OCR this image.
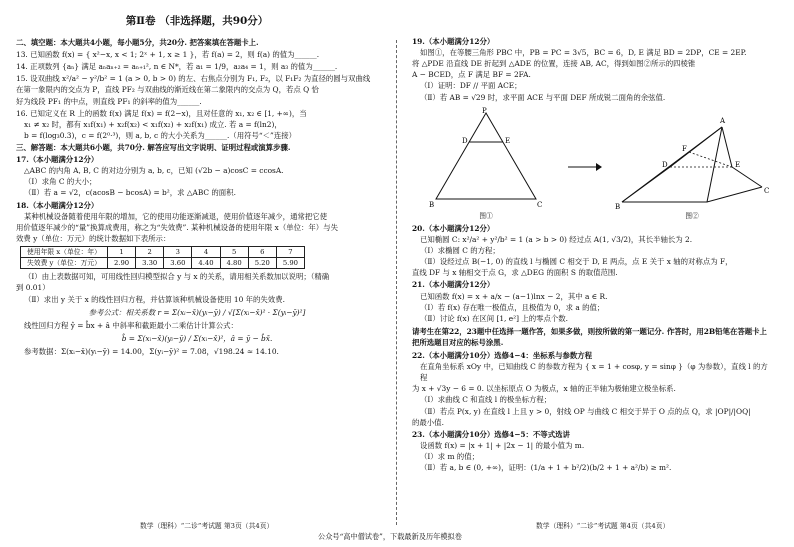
第Ⅱ卷 （非选择题，共90分）
二、填空题：本大题共4小题，每小题5分，共20分. 把答案填在答题卡上.
13. 已知函数 f(x) = { x²−x, x < 1; 2ˣ + 1, x ≥ 1 }，若 f(a) = 2，则 f(a) 的值为______.
14. 正项数列 {aₙ} 满足 aₙaₙ₊₂ = aₙ₊₁², n ∈ N*，若 a₁ = 1/9，a₂a₄ = 1，则 a₃ 的值为______.
15. 设双曲线 x²/a² − y²/b² = 1 (a > 0, b > 0) 的左、右焦点分别为 F₁, F₂，以 F₁F₂ 为直径的圆与双曲线
在第一象限内的交点为 P，直线 PF₂ 与双曲线的渐近线在第二象限内的交点为 Q，若点 Q 恰
好为线段 PF₁ 的中点，则直线 PF₁ 的斜率的值为______.
16. 已知定义在 R 上的函数 f(x) 满足 f(x) = f(2−x)，且对任意的 x₁, x₂ ∈ [1, +∞)，当
x₁ ≠ x₂ 时，都有 x₁f(x₁) + x₂f(x₂) < x₁f(x₂) + x₂f(x₁) 成立. 若 a = f(ln2)，
b = f(log₃0.3)，c = f(2⁰·³)，则 a, b, c 的大小关系为______.（用符号“＜”连接）
三、解答题：本大题共6小题，共70分. 解答应写出文字说明、证明过程或演算步骤.
17.（本小题满分12分）
△ABC 的内角 A, B, C 的对边分别为 a, b, c，已知 (√2b − a)cosC = ccosA.
（Ⅰ）求角 C 的大小；
（Ⅱ）若 a = √2，c(acosB − bcosA) = b²，求 △ABC 的面积.
18.（本小题满分12分）
某种机械设备随着使用年限的增加，它的使用功能逐渐减退，使用价值逐年减少，通常把它使
用价值逐年减少的“量”换算成费用，称之为“失效费”. 某种机械设备的使用年限 x（单位：年）与失
效费 y（单位：万元）的统计数据如下表所示：
使用年限 x（单位：年）	1	2	3	4	5	6	7
失效费 y（单位：万元）	2.90	3.30	3.60	4.40	4.80	5.20	5.90
（Ⅰ）由上表数据可知，可用线性回归模型拟合 y 与 x 的关系，请用相关系数加以说明；（精确
到 0.01）
（Ⅱ）求出 y 关于 x 的线性回归方程，并估算该种机械设备使用 10 年的失效费.
参考公式：相关系数 r = Σ(xᵢ−x̄)(yᵢ−ȳ) / √[Σ(xᵢ−x̄)² · Σ(yᵢ−ȳ)²]
线性回归方程 ŷ = b̂x + â 中斜率和截距最小二乘估计计算公式：
b̂ = Σ(xᵢ−x̄)(yᵢ−ȳ) / Σ(xᵢ−x̄)²，â = ȳ − b̂x̄.
参考数据：Σ(xᵢ−x̄)(yᵢ−ȳ) = 14.00，Σ(yᵢ−ȳ)² = 7.08，√198.24 ≈ 14.10.
19.（本小题满分12分）
如图①，在等腰三角形 PBC 中，PB = PC = 3√5，BC = 6，D, E 满足 BD = 2DP，CE = 2EP.
将 △PDE 沿直线 DE 折起到 △ADE 的位置，连接 AB, AC，得到如图②所示的四棱锥
A − BCED，点 F 满足 BF = 2FA.
（Ⅰ）证明：DF // 平面 ACE；
（Ⅱ）若 AB = √29 时，求平面 ACE 与平面 DEF 所成锐二面角的余弦值.
P
D	E
B	C
图①
A
F
D	E
B
C
图②
20.（本小题满分12分）
已知椭圆 C: x²/a² + y²/b² = 1 (a > b > 0) 经过点 A(1, √3/2)，其长半轴长为 2.
（Ⅰ）求椭圆 C 的方程；
（Ⅱ）设经过点 B(−1, 0) 的直线 l 与椭圆 C 相交于 D, E 两点，点 E 关于 x 轴的对称点为 F，
直线 DF 与 x 轴相交于点 G，求 △DEG 的面积 S 的取值范围.
21.（本小题满分12分）
已知函数 f(x) = x + a/x − (a−1)lnx − 2，其中 a ∈ R.
（Ⅰ）若 f(x) 存在唯一极值点，且极值为 0，求 a 的值；
（Ⅱ）讨论 f(x) 在区间 [1, e²] 上的零点个数.
请考生在第22，23题中任选择一题作答，如果多做，则按所做的第一题记分. 作答时，用2B铅笔在答题卡上把所选题目对应的标号涂黑.
22.（本小题满分10分）选修4−4：坐标系与参数方程
在直角坐标系 xOy 中，已知曲线 C 的参数方程为 { x = 1 + cosφ, y = sinφ }（φ 为参数），直线 l 的方程
为 x + √3y − 6 = 0. 以坐标原点 O 为极点，x 轴的正半轴为极轴建立极坐标系.
（Ⅰ）求曲线 C 和直线 l 的极坐标方程；
（Ⅱ）若点 P(x, y) 在直线 l 上且 y > 0，射线 OP 与曲线 C 相交于异于 O 点的点 Q，求 |OP|/|OQ|
的最小值.
23.（本小题满分10分）选修4−5：不等式选讲
设函数 f(x) = |x + 1| + |2x − 1| 的最小值为 m.
（Ⅰ）求 m 的值；
（Ⅱ）若 a, b ∈ (0, +∞)，证明：(1/a + 1 + b²/2)(b/2 + 1 + a²/b) ≥ m².
数学（理科）“二诊”考试题 第3页（共4页）	数学（理科）“二诊”考试题 第4页（共4页）
公众号“高中僧试卷”，下载最新及历年模拟卷
